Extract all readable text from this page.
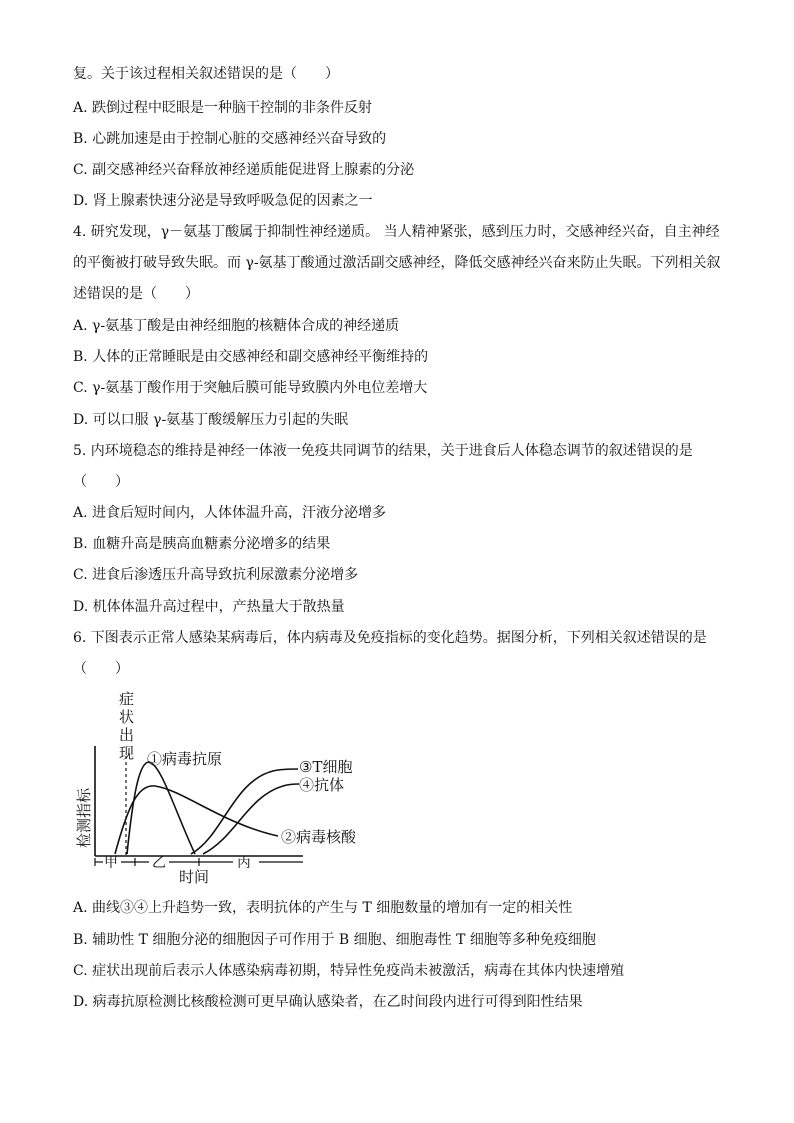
复。关于该过程相关叙述错误的是（　　）
A. 跌倒过程中眨眼是一种脑干控制的非条件反射
B. 心跳加速是由于控制心脏的交感神经兴奋导致的
C. 副交感神经兴奋释放神经递质能促进肾上腺素的分泌
D. 肾上腺素快速分泌是导致呼吸急促的因素之一
4. 研究发现，γ－氨基丁酸属于抑制性神经递质。 当人精神紧张，感到压力时，交感神经兴奋，自主神经
的平衡被打破导致失眠。而 γ-氨基丁酸通过激活副交感神经，降低交感神经兴奋来防止失眠。下列相关叙
述错误的是（　　）
A. γ-氨基丁酸是由神经细胞的核糖体合成的神经递质
B. 人体的正常睡眠是由交感神经和副交感神经平衡维持的
C. γ-氨基丁酸作用于突触后膜可能导致膜内外电位差增大
D. 可以口服 γ-氨基丁酸缓解压力引起的失眠
5. 内环境稳态的维持是神经一体液一免疫共同调节的结果，关于进食后人体稳态调节的叙述错误的是
（　　）
A. 进食后短时间内，人体体温升高，汗液分泌增多
B. 血糖升高是胰高血糖素分泌增多的结果
C. 进食后渗透压升高导致抗利尿激素分泌增多
D. 机体体温升高过程中，产热量大于散热量
6. 下图表示正常人感染某病毒后，体内病毒及免疫指标的变化趋势。据图分析，下列相关叙述错误的是
（　　）
症
状
出
现
检测指标
①病毒抗原	③T细胞
④抗体
②病毒核酸
甲 乙	丙
时间
A. 曲线③④上升趋势一致，表明抗体的产生与 T 细胞数量的增加有一定的相关性
B. 辅助性 T 细胞分泌的细胞因子可作用于 B 细胞、细胞毒性 T 细胞等多种免疫细胞
C. 症状出现前后表示人体感染病毒初期，特异性免疫尚未被激活，病毒在其体内快速增殖
D. 病毒抗原检测比核酸检测可更早确认感染者，在乙时间段内进行可得到阳性结果
